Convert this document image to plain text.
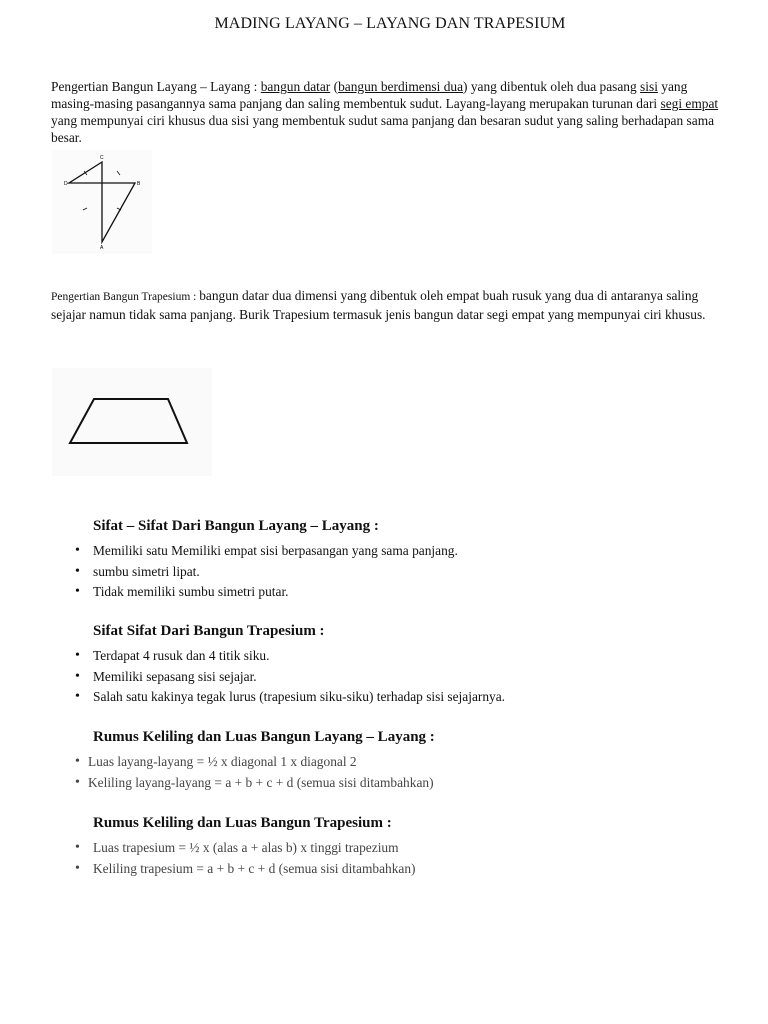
MADING LAYANG – LAYANG DAN TRAPESIUM
Pengertian Bangun Layang – Layang : bangun datar (bangun berdimensi dua) yang dibentuk oleh dua pasang sisi yang masing-masing pasangannya sama panjang dan saling membentuk sudut. Layang-layang merupakan turunan dari segi empat yang mempunyai ciri khusus dua sisi yang membentuk sudut sama panjang dan besaran sudut yang saling berhadapan sama besar.
C
D	B
A
Pengertian Bangun Trapesium : bangun datar dua dimensi yang dibentuk oleh empat buah rusuk yang dua di antaranya saling sejajar namun tidak sama panjang. Burik Trapesium termasuk jenis bangun datar segi empat yang mempunyai ciri khusus.
Sifat – Sifat Dari Bangun Layang – Layang :
• Memiliki satu Memiliki empat sisi berpasangan yang sama panjang.
• sumbu simetri lipat.
• Tidak memiliki sumbu simetri putar.
Sifat Sifat Dari Bangun Trapesium :
• Terdapat 4 rusuk dan 4 titik siku.
• Memiliki sepasang sisi sejajar.
• Salah satu kakinya tegak lurus (trapesium siku-siku) terhadap sisi sejajarnya.
Rumus Keliling dan Luas Bangun Layang – Layang :
• Luas layang-layang = ½ x diagonal 1 x diagonal 2
• Keliling layang-layang = a + b + c + d (semua sisi ditambahkan)
Rumus Keliling dan Luas Bangun Trapesium :
• Luas trapesium = ½ x (alas a + alas b) x tinggi trapezium
• Keliling trapesium = a + b + c + d (semua sisi ditambahkan)
